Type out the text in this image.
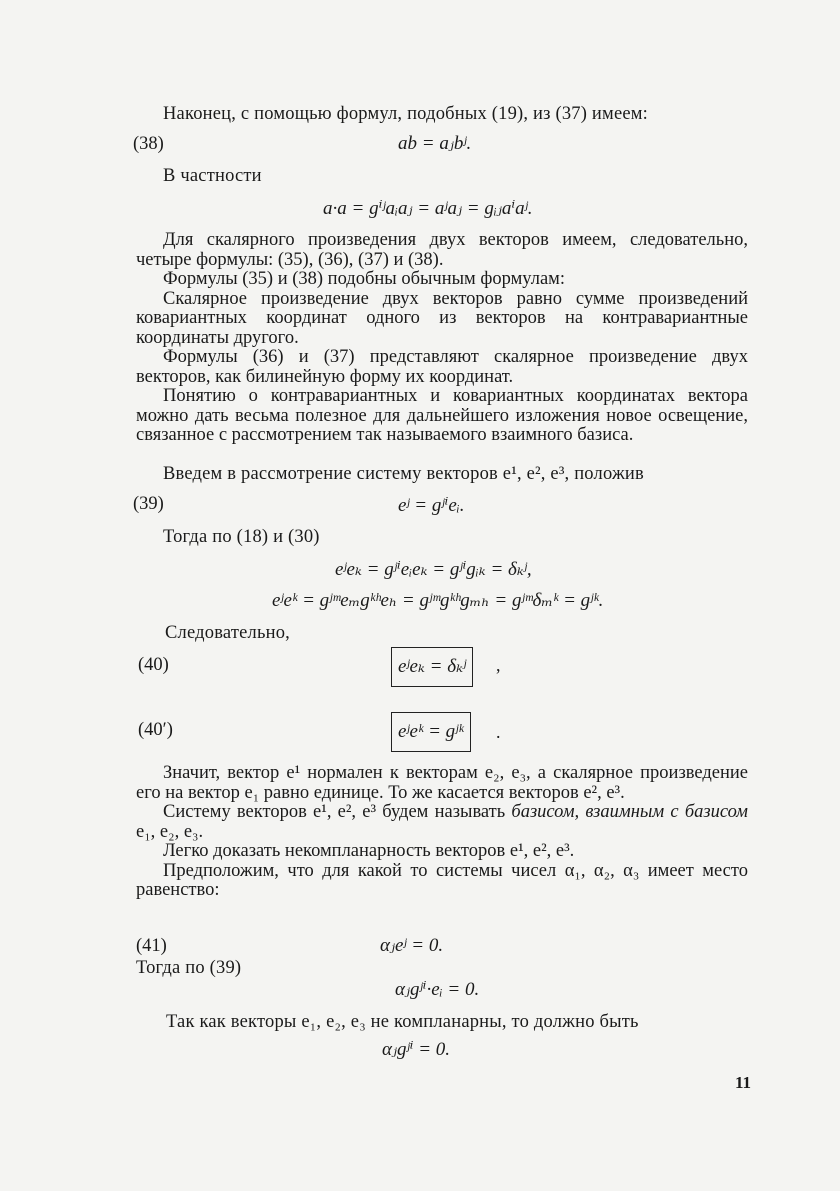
Наконец, с помощью формул, подобных (19), из (37) имеем:
(38)	ab = aⱼbʲ.
В частности
a·a = gⁱʲaᵢaⱼ = aʲaⱼ = gᵢⱼaⁱaʲ.

Для скалярного произведения двух векторов имеем, следовательно, четыре формулы: (35), (36), (37) и (38).

Формулы (35) и (38) подобны обычным формулам:

Скалярное произведение двух векторов равно сумме произведений ковариантных координат одного из векторов на контравариантные координаты другого.

Формулы (36) и (37) представляют скалярное произведение двух векторов, как билинейную форму их координат.

Понятию о контравариантных и ковариантных координатах вектора можно дать весьма полезное для дальнейшего изложения новое освещение, связанное с рассмотрением так называемого взаимного базиса.

Введем в рассмотрение систему векторов e¹, e², e³, положив
(39)	eʲ = gʲⁱeᵢ.
Тогда по (18) и (30)
eʲeₖ = gʲⁱeᵢeₖ = gʲⁱgᵢₖ = δₖʲ,
eʲeᵏ = gʲᵐeₘgᵏʰeₕ = gʲᵐgᵏʰgₘₕ = gʲᵐδₘᵏ = gʲᵏ.
Следовательно,
(40)	eʲeₖ = δₖʲ	,
(40′)	eʲeᵏ = gʲᵏ	.

Значит, вектор e¹ нормален к векторам e₂, e₃, а скалярное произведение его на вектор e₁ равно единице. То же касается векторов e², e³.

Систему векторов e¹, e², e³ будем называть базисом, взаимным с базисом e₁, e₂, e₃.

Легко доказать некомпланарность векторов e¹, e², e³.

Предположим, что для какой то системы чисел α₁, α₂, α₃ имеет место равенство:

(41)	αⱼeʲ = 0.
Тогда по (39)
αⱼgʲⁱ·eᵢ = 0.
Так как векторы e₁, e₂, e₃ не компланарны, то должно быть
αⱼgʲⁱ = 0.
11
